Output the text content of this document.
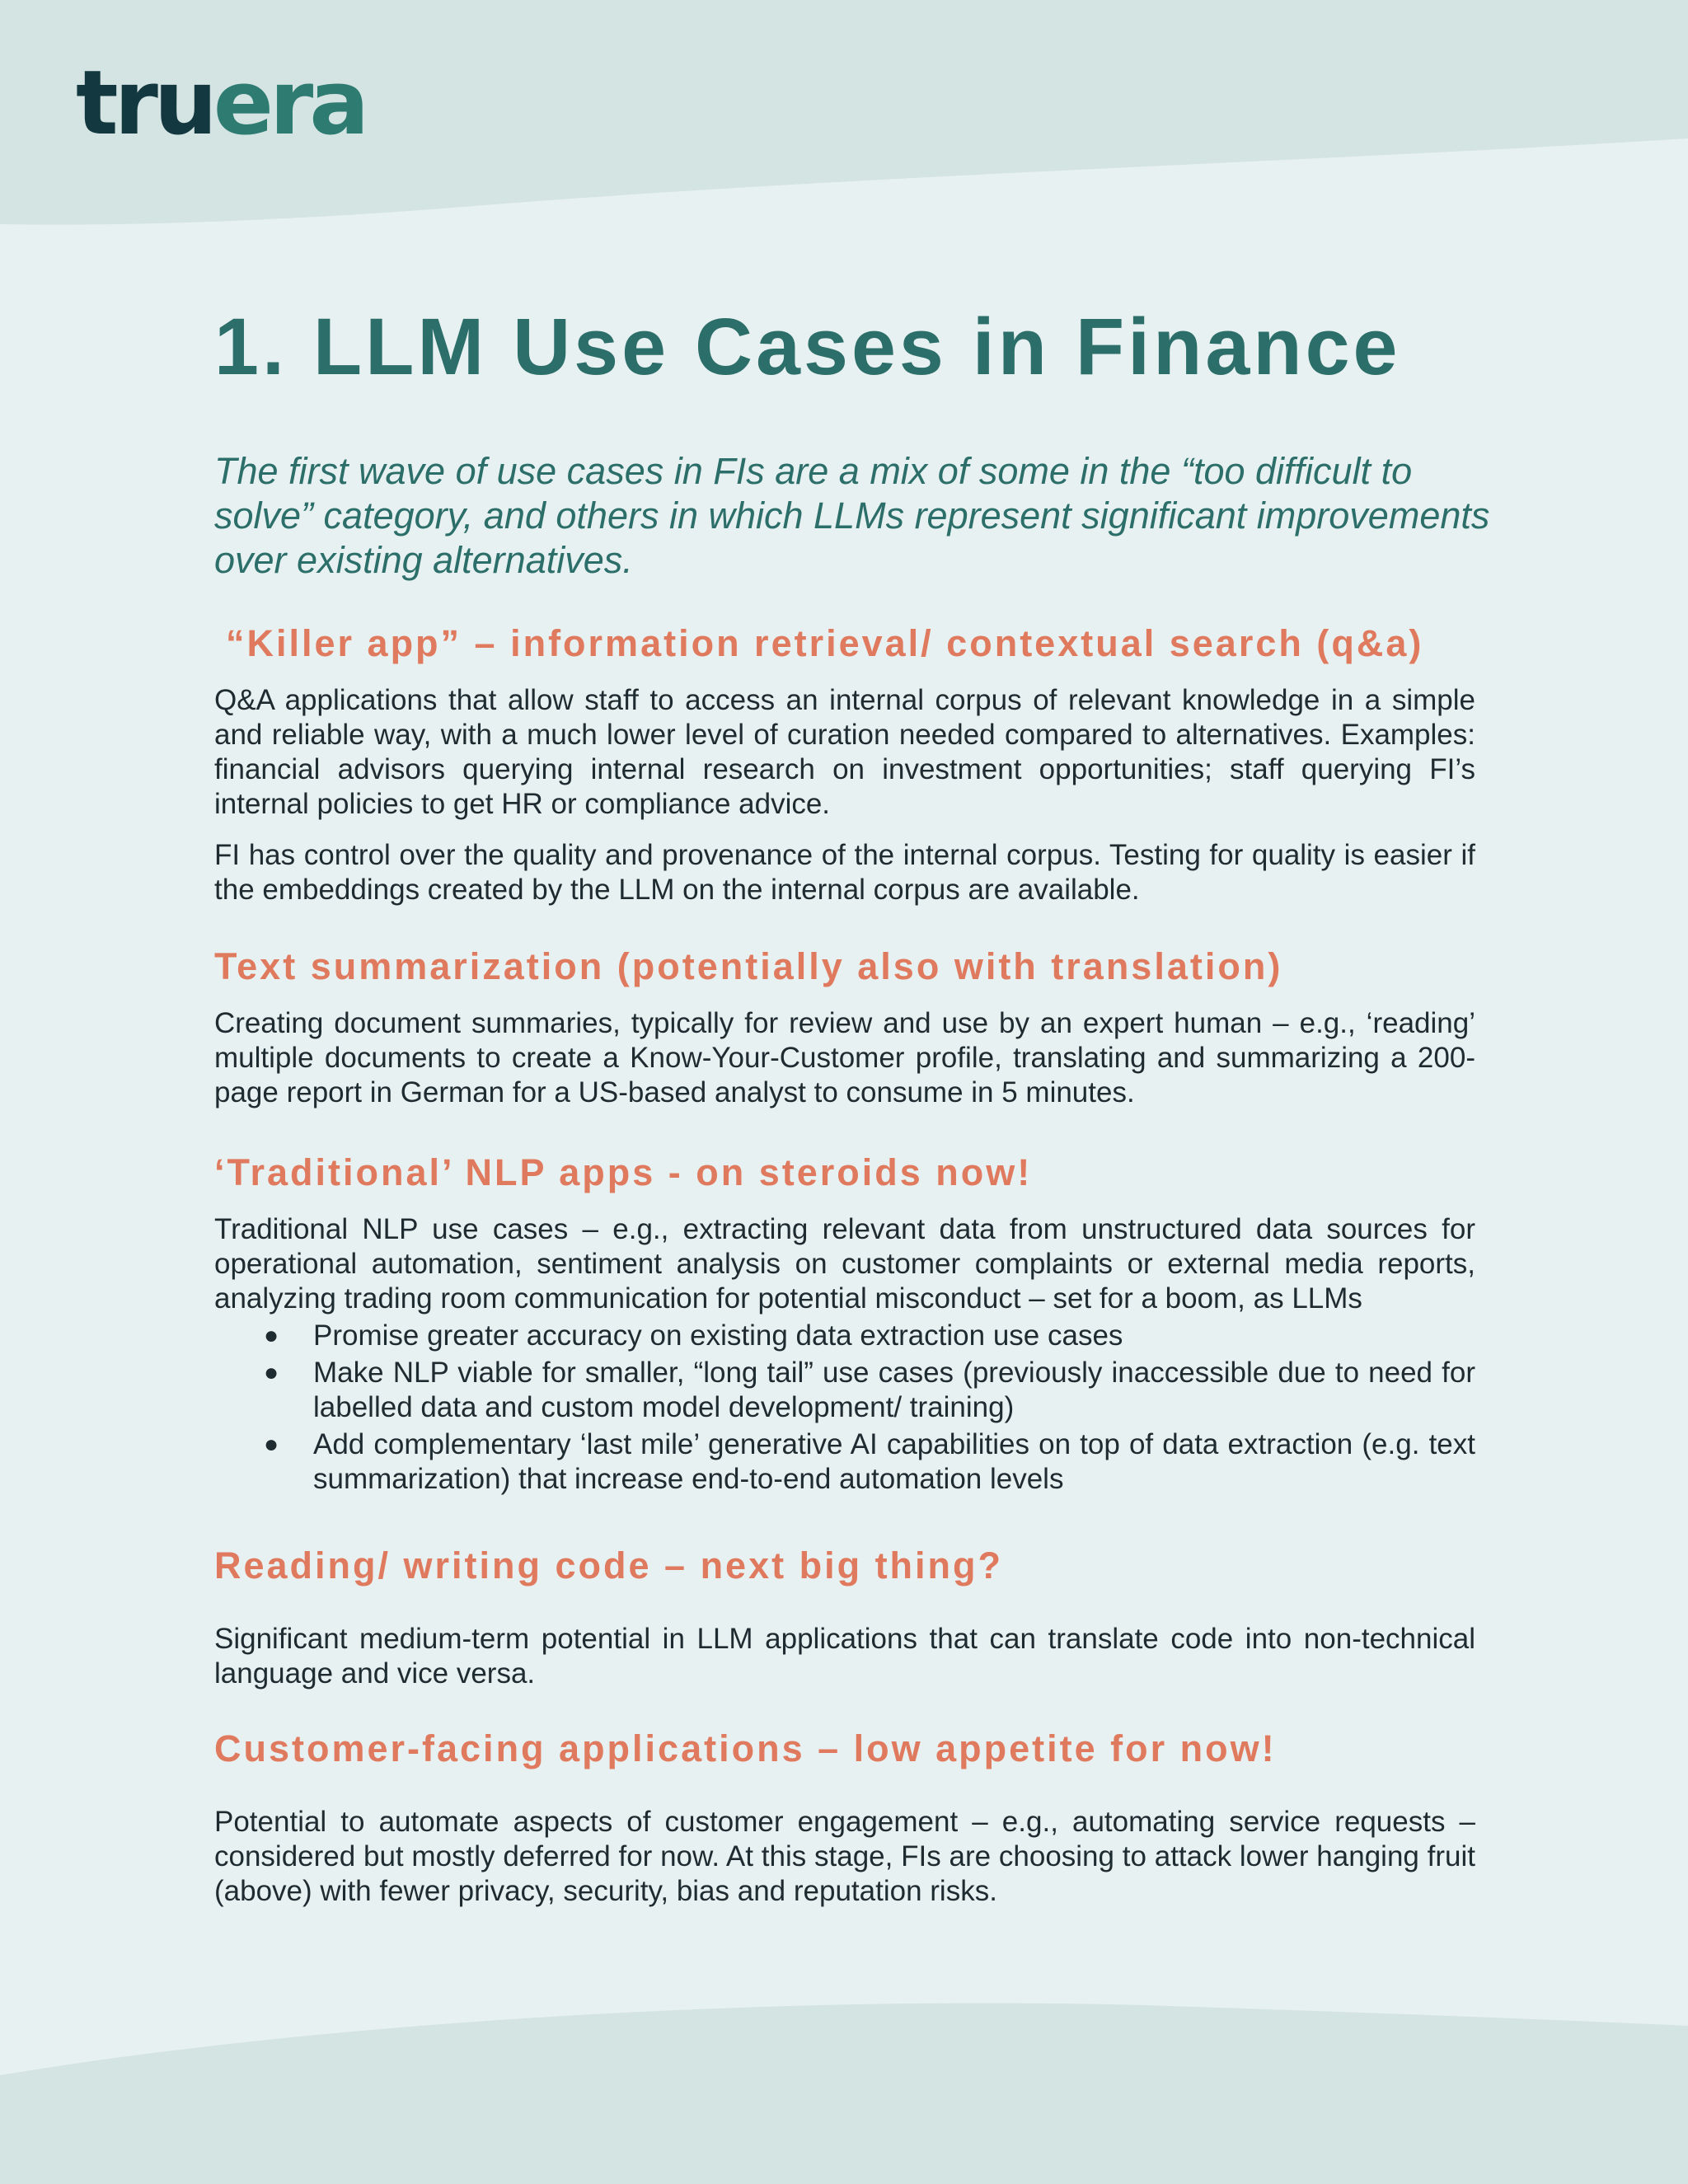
truera
1. LLM Use Cases in Finance

The first wave of use cases in FIs are a mix of some in the “too difficult to solve” category, and others in which LLMs represent significant improvements over existing alternatives.

“Killer app” – information retrieval/ contextual search (q&a)

Q&A applications that allow staff to access an internal corpus of relevant knowledge in a simple and reliable way, with a much lower level of curation needed compared to alternatives. Examples: financial advisors querying internal research on investment opportunities; staff querying FI’s internal policies to get HR or compliance advice.

FI has control over the quality and provenance of the internal corpus. Testing for quality is easier if the embeddings created by the LLM on the internal corpus are available.

Text summarization (potentially also with translation)

Creating document summaries, typically for review and use by an expert human – e.g., ‘reading’ multiple documents to create a Know-Your-Customer profile, translating and summarizing a 200-page report in German for a US-based analyst to consume in 5 minutes.

‘Traditional’ NLP apps - on steroids now!

Traditional NLP use cases – e.g., extracting relevant data from unstructured data sources for operational automation, sentiment analysis on customer complaints or external media reports, analyzing trading room communication for potential misconduct – set for a boom, as LLMs

● Promise greater accuracy on existing data extraction use cases
● Make NLP viable for smaller, “long tail” use cases (previously inaccessible due to need for labelled data and custom model development/ training)
● Add complementary ‘last mile’ generative AI capabilities on top of data extraction (e.g. text summarization) that increase end-to-end automation levels
Reading/ writing code – next big thing?

Significant medium-term potential in LLM applications that can translate code into non-technical language and vice versa.

Customer-facing applications – low appetite for now!

Potential to automate aspects of customer engagement – e.g., automating service requests – considered but mostly deferred for now. At this stage, FIs are choosing to attack lower hanging fruit (above) with fewer privacy, security, bias and reputation risks.
